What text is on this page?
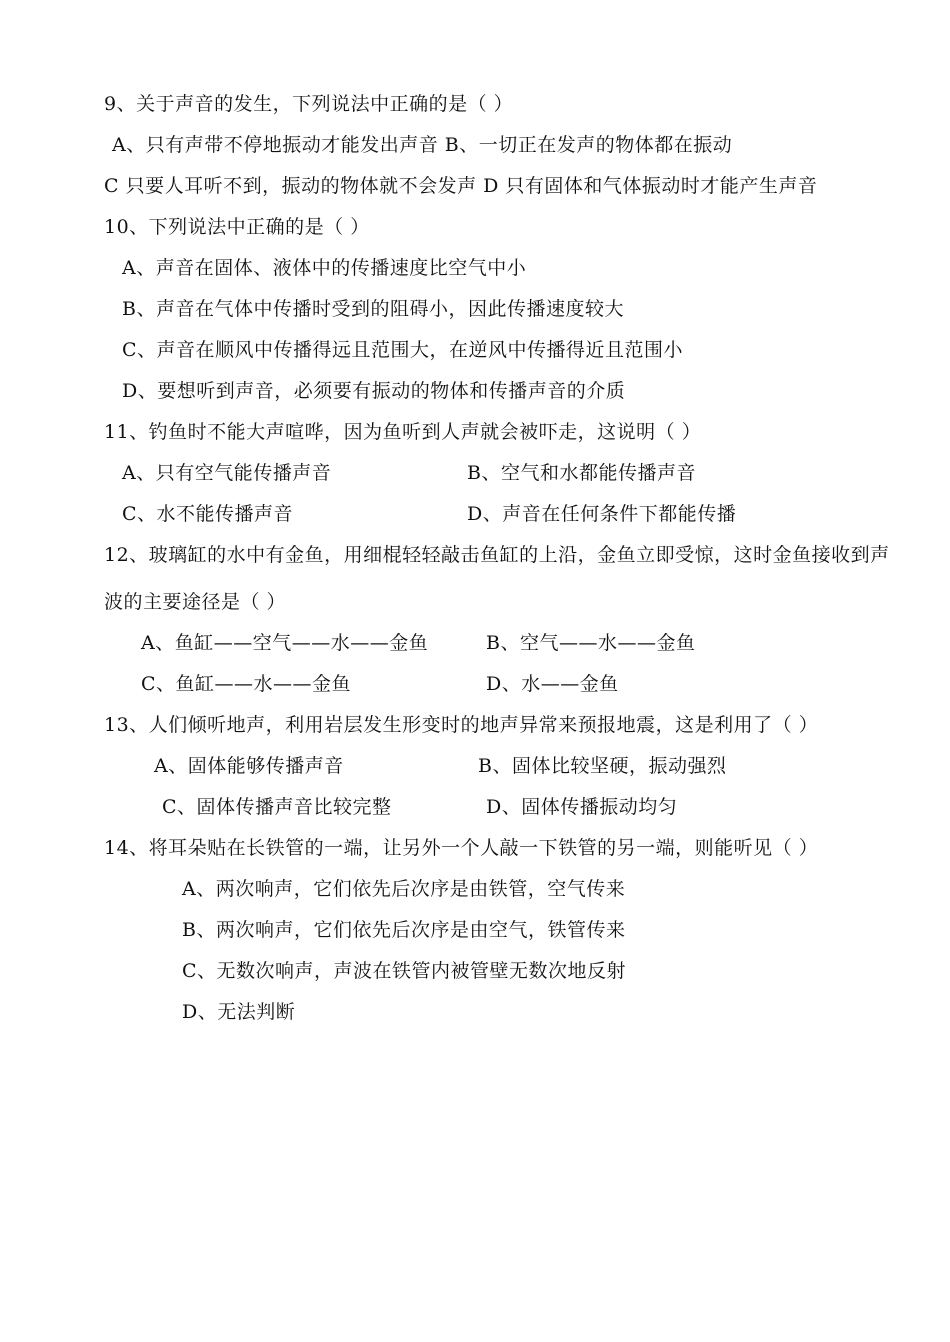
9、关于声音的发生，下列说法中正确的是（ ）
A、只有声带不停地振动才能发出声音 B、一切正在发声的物体都在振动
C 只要人耳听不到，振动的物体就不会发声 D 只有固体和气体振动时才能产生声音
10、下列说法中正确的是（ ）
A、声音在固体、液体中的传播速度比空气中小
B、声音在气体中传播时受到的阻碍小，因此传播速度较大
C、声音在顺风中传播得远且范围大，在逆风中传播得近且范围小
D、要想听到声音，必须要有振动的物体和传播声音的介质
11、钓鱼时不能大声喧哗，因为鱼听到人声就会被吓走，这说明（ ）
A、只有空气能传播声音	B、空气和水都能传播声音
C、水不能传播声音	D、声音在任何条件下都能传播
12、玻璃缸的水中有金鱼，用细棍轻轻敲击鱼缸的上沿，金鱼立即受惊，这时金鱼接收到声
波的主要途径是（ ）
A、鱼缸——空气——水——金鱼	B、空气——水——金鱼
C、鱼缸——水——金鱼	D、水——金鱼
13、人们倾听地声，利用岩层发生形变时的地声异常来预报地震，这是利用了（ ）
A、固体能够传播声音	B、固体比较坚硬，振动强烈
C、固体传播声音比较完整	D、固体传播振动均匀
14、将耳朵贴在长铁管的一端，让另外一个人敲一下铁管的另一端，则能听见（ ）
A、两次响声，它们依先后次序是由铁管，空气传来
B、两次响声，它们依先后次序是由空气，铁管传来
C、无数次响声，声波在铁管内被管壁无数次地反射
D、无法判断
